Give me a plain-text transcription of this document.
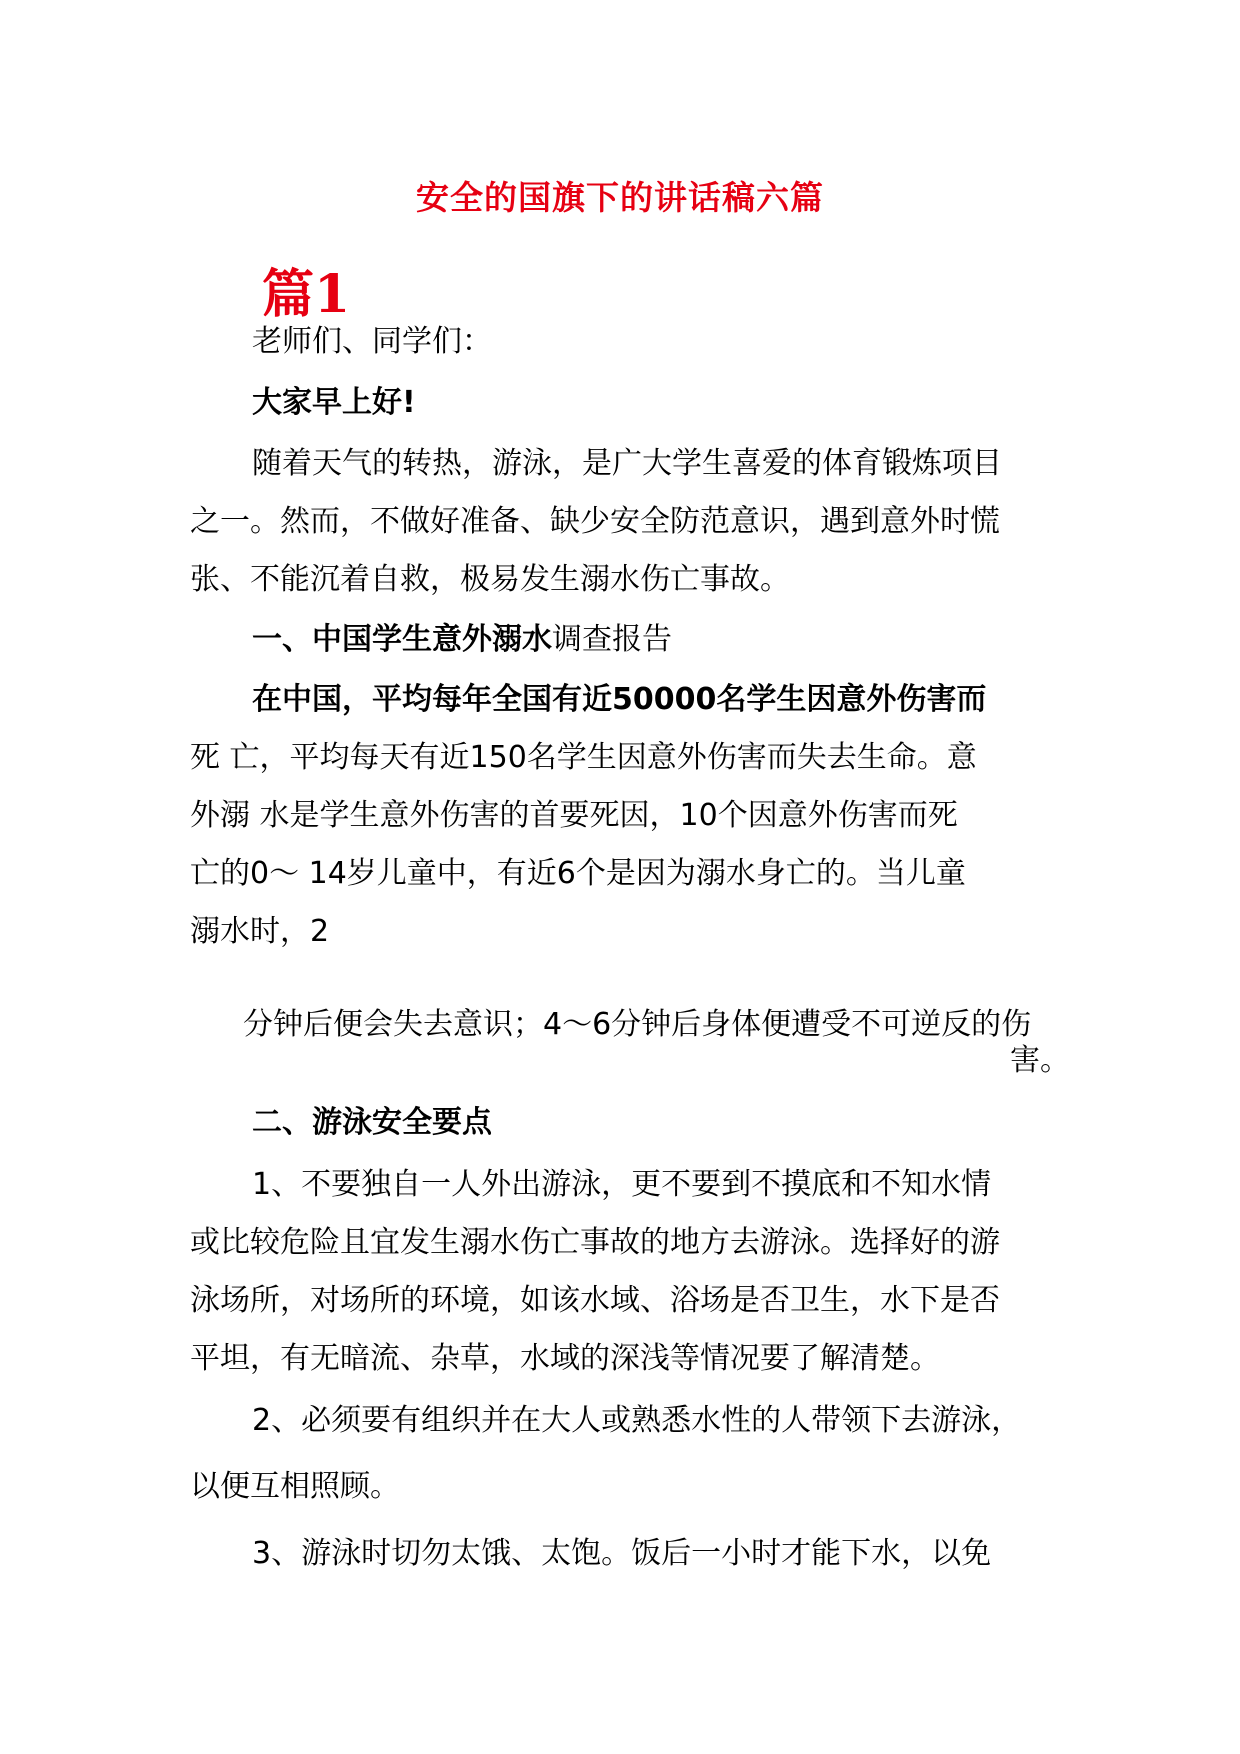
安全的国旗下的讲话稿六篇
篇1
老师们、同学们：
大家早上好!
随着天气的转热，游泳，是广大学生喜爱的体育锻炼项目
之一。然而，不做好准备、缺少安全防范意识，遇到意外时慌
张、不能沉着自救，极易发生溺水伤亡事故。
一、中国学生意外溺水调查报告
在中国，平均每年全国有近50000名学生因意外伤害而
死 亡，平均每天有近150名学生因意外伤害而失去生命。意
外溺 水是学生意外伤害的首要死因，10个因意外伤害而死
亡的0～ 14岁儿童中，有近6个是因为溺水身亡的。当儿童
溺水时，2
分钟后便会失去意识；4～6分钟后身体便遭受不可逆反的伤
害。
二、游泳安全要点
1、不要独自一人外出游泳，更不要到不摸底和不知水情
或比较危险且宜发生溺水伤亡事故的地方去游泳。选择好的游
泳场所，对场所的环境，如该水域、浴场是否卫生，水下是否
平坦，有无暗流、杂草，水域的深浅等情况要了解清楚。
2、必须要有组织并在大人或熟悉水性的人带领下去游泳，
以便互相照顾。
3、游泳时切勿太饿、太饱。饭后一小时才能下水，以免
